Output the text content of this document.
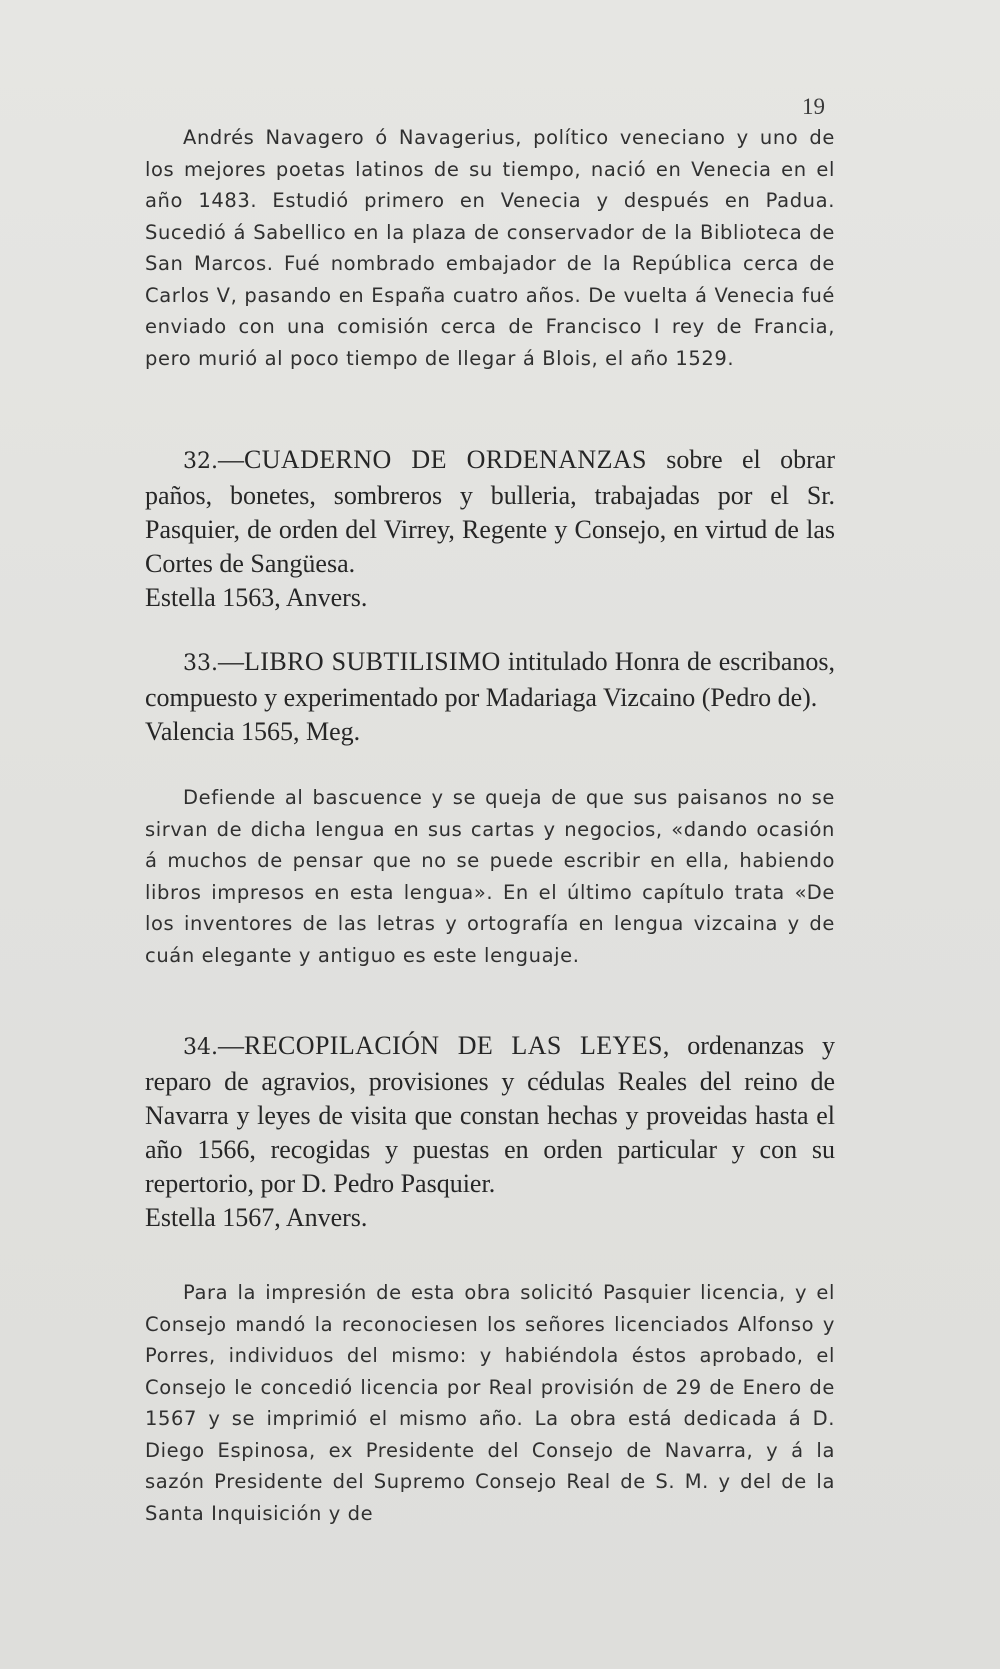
19

Andrés Navagero ó Navagerius, político veneciano y uno de los mejores poetas latinos de su tiempo, nació en Venecia en el año 1483. Estudió primero en Venecia y después en Padua. Sucedió á Sabellico en la plaza de conservador de la Biblioteca de San Marcos. Fué nombrado embajador de la República cerca de Carlos V, pasando en España cuatro años. De vuelta á Venecia fué enviado con una comisión cerca de Francisco I rey de Francia, pero murió al poco tiempo de llegar á Blois, el año 1529.

32.—CUADERNO DE ORDENANZAS sobre el obrar paños, bonetes, sombreros y bulleria, trabajadas por el Sr. Pasquier, de orden del Virrey, Regente y Consejo, en virtud de las Cortes de Sangüesa.

Estella 1563, Anvers.

33.—LIBRO SUBTILISIMO intitulado Honra de escribanos, compuesto y experimentado por Madariaga Vizcaino (Pedro de).

Valencia 1565, Meg.

Defiende al bascuence y se queja de que sus paisanos no se sirvan de dicha lengua en sus cartas y negocios, «dando ocasión á muchos de pensar que no se puede escribir en ella, habiendo libros impresos en esta lengua». En el último capítulo trata «De los inventores de las letras y ortografía en lengua vizcaina y de cuán elegante y antiguo es este lenguaje.

34.—RECOPILACIÓN DE LAS LEYES, ordenanzas y reparo de agravios, provisiones y cédulas Reales del reino de Navarra y leyes de visita que constan hechas y proveidas hasta el año 1566, recogidas y puestas en orden particular y con su repertorio, por D. Pedro Pasquier.

Estella 1567, Anvers.

Para la impresión de esta obra solicitó Pasquier licencia, y el Consejo mandó la reconociesen los señores licenciados Alfonso y Porres, individuos del mismo: y habiéndola éstos aprobado, el Consejo le concedió licencia por Real provisión de 29 de Enero de 1567 y se imprimió el mismo año. La obra está dedicada á D. Diego Espinosa, ex Presidente del Consejo de Navarra, y á la sazón Presidente del Supremo Consejo Real de S. M. y del de la Santa Inquisición y de
